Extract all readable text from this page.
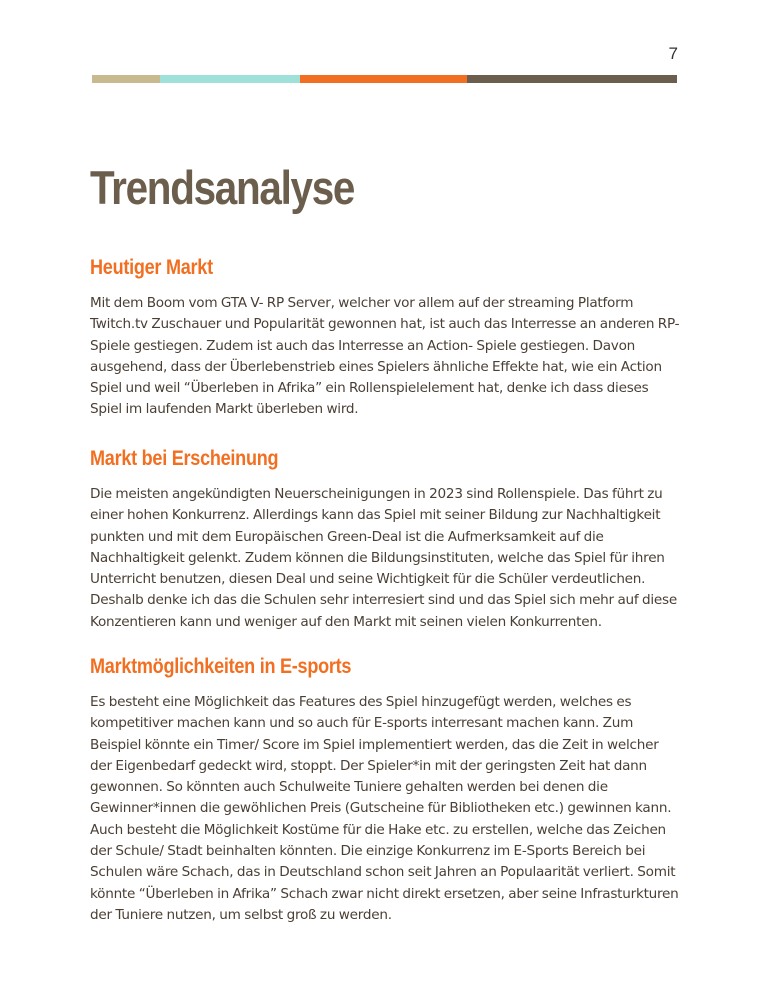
7
Trendsanalyse
Heutiger Markt

Mit dem Boom vom GTA V- RP Server, welcher vor allem auf der streaming Platform Twitch.tv Zuschauer und Popularität gewonnen hat, ist auch das Interresse an anderen RP-Spiele gestiegen. Zudem ist auch das Interresse an Action- Spiele gestiegen. Davon ausgehend, dass der Überlebenstrieb eines Spielers ähnliche Effekte hat, wie ein Action Spiel und weil “Überleben in Afrika” ein Rollenspielelement hat, denke ich dass dieses Spiel im laufenden Markt überleben wird.

Markt bei Erscheinung

Die meisten angekündigten Neuerscheinigungen in 2023 sind Rollenspiele. Das führt zu einer hohen Konkurrenz. Allerdings kann das Spiel mit seiner Bildung zur Nachhaltigkeit punkten und mit dem Europäischen Green-Deal ist die Aufmerksamkeit auf die Nachhaltigkeit gelenkt. Zudem können die Bildungsinstituten, welche das Spiel für ihren Unterricht benutzen, diesen Deal und seine Wichtigkeit für die Schüler verdeutlichen. Deshalb denke ich das die Schulen sehr interresiert sind und das Spiel sich mehr auf diese Konzentieren kann und weniger auf den Markt mit seinen vielen Konkurrenten.

Marktmöglichkeiten in E-sports

Es besteht eine Möglichkeit das Features des Spiel hinzugefügt werden, welches es kompetitiver machen kann und so auch für E-sports interresant machen kann. Zum Beispiel könnte ein Timer/ Score im Spiel implementiert werden, das die Zeit in welcher der Eigenbedarf gedeckt wird, stoppt. Der Spieler*in mit der geringsten Zeit hat dann gewonnen. So könnten auch Schulweite Tuniere gehalten werden bei denen die Gewinner*innen die gewöhlichen Preis (Gutscheine für Bibliotheken etc.) gewinnen kann. Auch besteht die Möglichkeit Kostüme für die Hake etc. zu erstellen, welche das Zeichen der Schule/ Stadt beinhalten könnten. Die einzige Konkurrenz im E-Sports Bereich bei Schulen wäre Schach, das in Deutschland schon seit Jahren an Populaarität verliert. Somit könnte “Überleben in Afrika” Schach zwar nicht direkt ersetzen, aber seine Infrasturkturen der Tuniere nutzen, um selbst groß zu werden.
